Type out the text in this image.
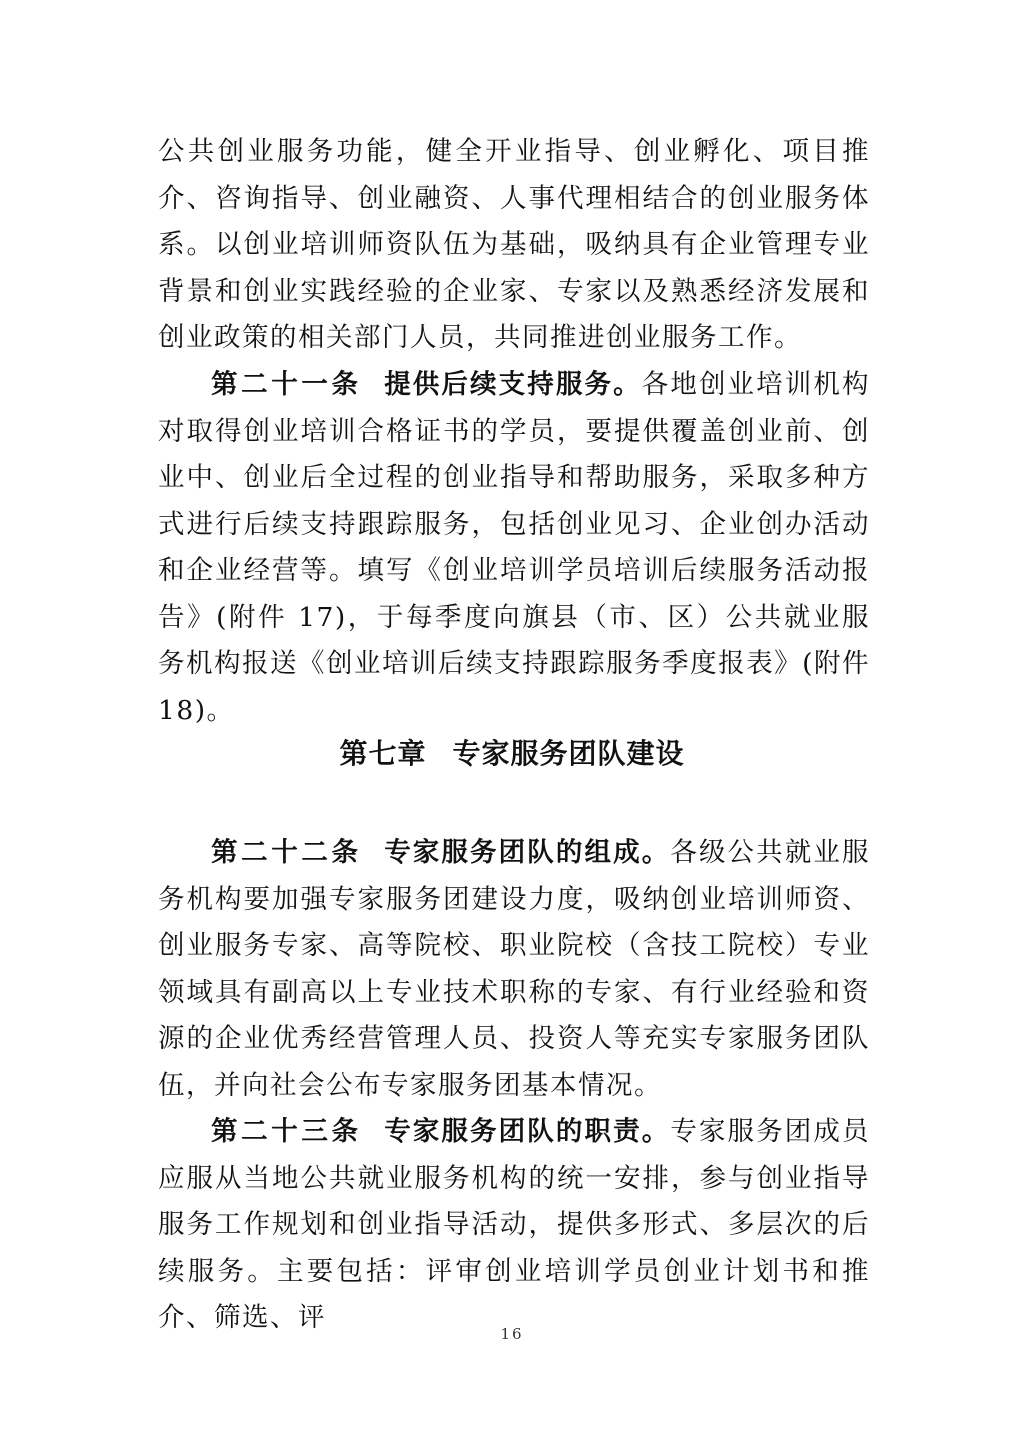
公共创业服务功能，健全开业指导、创业孵化、项目推介、咨询指导、创业融资、人事代理相结合的创业服务体系。以创业培训师资队伍为基础，吸纳具有企业管理专业背景和创业实践经验的企业家、专家以及熟悉经济发展和创业政策的相关部门人员，共同推进创业服务工作。

第二十一条 提供后续支持服务。各地创业培训机构对取得创业培训合格证书的学员，要提供覆盖创业前、创业中、创业后全过程的创业指导和帮助服务，采取多种方式进行后续支持跟踪服务，包括创业见习、企业创办活动和企业经营等。填写《创业培训学员培训后续服务活动报告》(附件 17)，于每季度向旗县（市、区）公共就业服务机构报送《创业培训后续支持跟踪服务季度报表》(附件 18)。

第七章 专家服务团队建设

第二十二条 专家服务团队的组成。各级公共就业服务机构要加强专家服务团建设力度，吸纳创业培训师资、创业服务专家、高等院校、职业院校（含技工院校）专业领域具有副高以上专业技术职称的专家、有行业经验和资源的企业优秀经营管理人员、投资人等充实专家服务团队伍，并向社会公布专家服务团基本情况。

第二十三条 专家服务团队的职责。专家服务团成员应服从当地公共就业服务机构的统一安排，参与创业指导服务工作规划和创业指导活动，提供多形式、多层次的后续服务。主要包括：评审创业培训学员创业计划书和推介、筛选、评

16
